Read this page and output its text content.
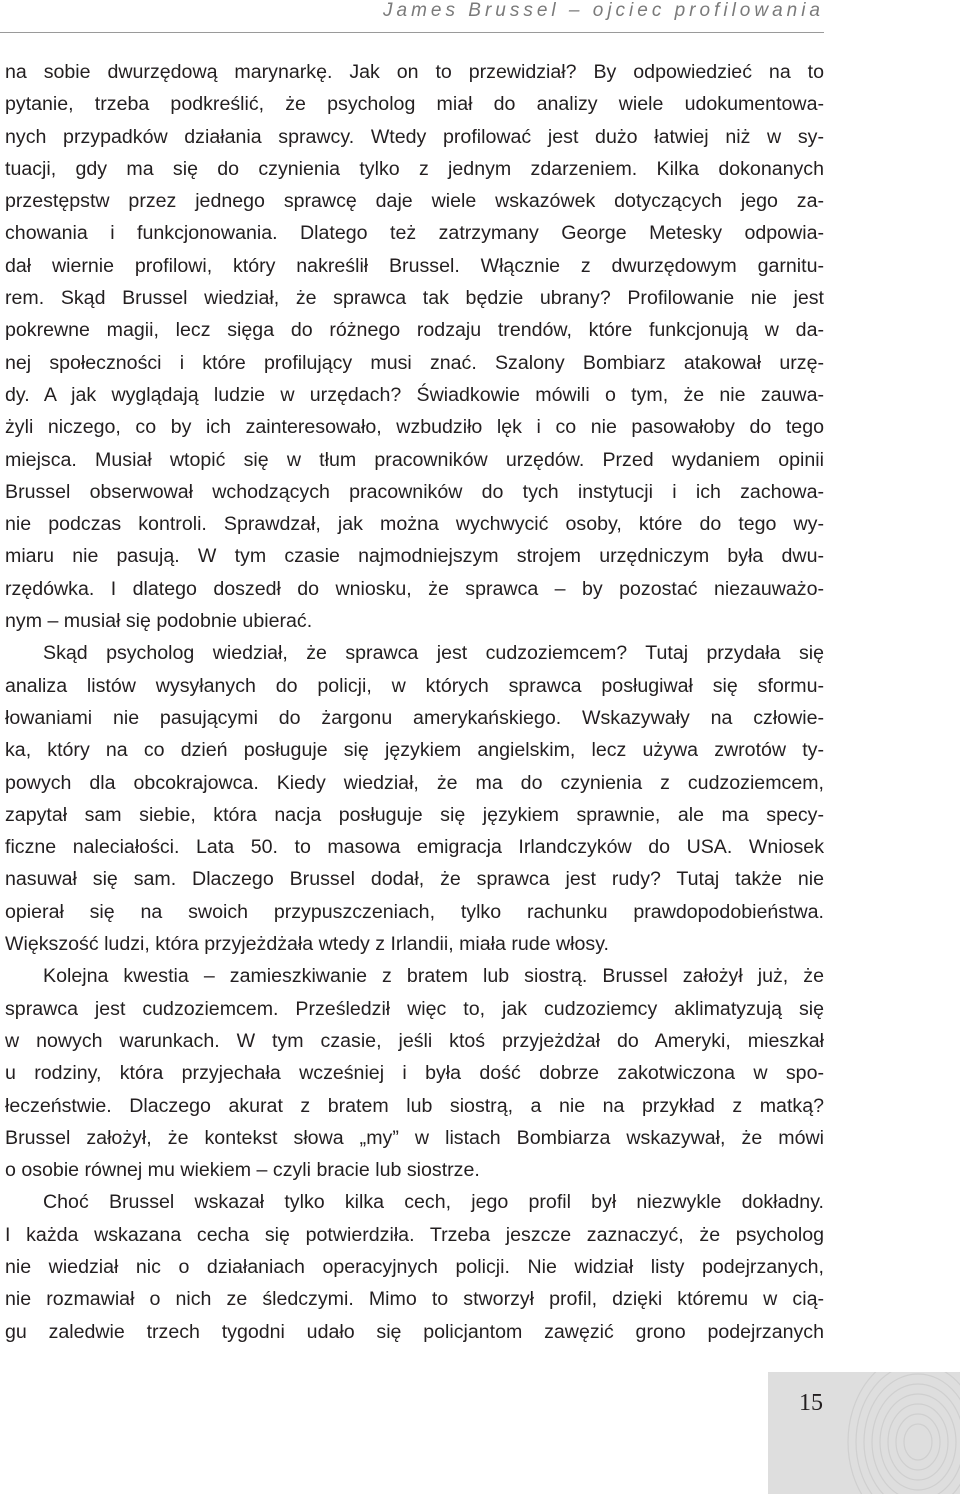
James Brussel – ojciec profilowania
na sobie dwurzędową marynarkę. Jak on to przewidział? By odpowiedzieć na to
pytanie, trzeba podkreślić, że psycholog miał do analizy wiele udokumentowa-
nych przypadków działania sprawcy. Wtedy profilować jest dużo łatwiej niż w sy-
tuacji, gdy ma się do czynienia tylko z jednym zdarzeniem. Kilka dokonanych
przestępstw przez jednego sprawcę daje wiele wskazówek dotyczących jego za-
chowania i funkcjonowania. Dlatego też zatrzymany George Metesky odpowia-
dał wiernie profilowi, który nakreślił Brussel. Włącznie z dwurzędowym garnitu-
rem. Skąd Brussel wiedział, że sprawca tak będzie ubrany? Profilowanie nie jest
pokrewne magii, lecz sięga do różnego rodzaju trendów, które funkcjonują w da-
nej społeczności i które profilujący musi znać. Szalony Bombiarz atakował urzę-
dy. A jak wyglądają ludzie w urzędach? Świadkowie mówili o tym, że nie zauwa-
żyli niczego, co by ich zainteresowało, wzbudziło lęk i co nie pasowałoby do tego
miejsca. Musiał wtopić się w tłum pracowników urzędów. Przed wydaniem opinii
Brussel obserwował wchodzących pracowników do tych instytucji i ich zachowa-
nie podczas kontroli. Sprawdzał, jak można wychwycić osoby, które do tego wy-
miaru nie pasują. W tym czasie najmodniejszym strojem urzędniczym była dwu-
rzędówka. I dlatego doszedł do wniosku, że sprawca – by pozostać niezauważo-
nym – musiał się podobnie ubierać.
Skąd psycholog wiedział, że sprawca jest cudzoziemcem? Tutaj przydała się
analiza listów wysyłanych do policji, w których sprawca posługiwał się sformu-
łowaniami nie pasującymi do żargonu amerykańskiego. Wskazywały na człowie-
ka, który na co dzień posługuje się językiem angielskim, lecz używa zwrotów ty-
powych dla obcokrajowca. Kiedy wiedział, że ma do czynienia z cudzoziemcem,
zapytał sam siebie, która nacja posługuje się językiem sprawnie, ale ma specy-
ficzne naleciałości. Lata 50. to masowa emigracja Irlandczyków do USA. Wniosek
nasuwał się sam. Dlaczego Brussel dodał, że sprawca jest rudy? Tutaj także nie
opierał się na swoich przypuszczeniach, tylko rachunku prawdopodobieństwa.
Większość ludzi, która przyjeżdżała wtedy z Irlandii, miała rude włosy.
Kolejna kwestia – zamieszkiwanie z bratem lub siostrą. Brussel założył już, że
sprawca jest cudzoziemcem. Prześledził więc to, jak cudzoziemcy aklimatyzują się
w nowych warunkach. W tym czasie, jeśli ktoś przyjeżdżał do Ameryki, mieszkał
u rodziny, która przyjechała wcześniej i była dość dobrze zakotwiczona w spo-
łeczeństwie. Dlaczego akurat z bratem lub siostrą, a nie na przykład z matką?
Brussel założył, że kontekst słowa „my” w listach Bombiarza wskazywał, że mówi
o osobie równej mu wiekiem – czyli bracie lub siostrze.
Choć Brussel wskazał tylko kilka cech, jego profil był niezwykle dokładny.
I każda wskazana cecha się potwierdziła. Trzeba jeszcze zaznaczyć, że psycholog
nie wiedział nic o działaniach operacyjnych policji. Nie widział listy podejrzanych,
nie rozmawiał o nich ze śledczymi. Mimo to stworzył profil, dzięki któremu w cią-
gu zaledwie trzech tygodni udało się policjantom zawęzić grono podejrzanych
15
